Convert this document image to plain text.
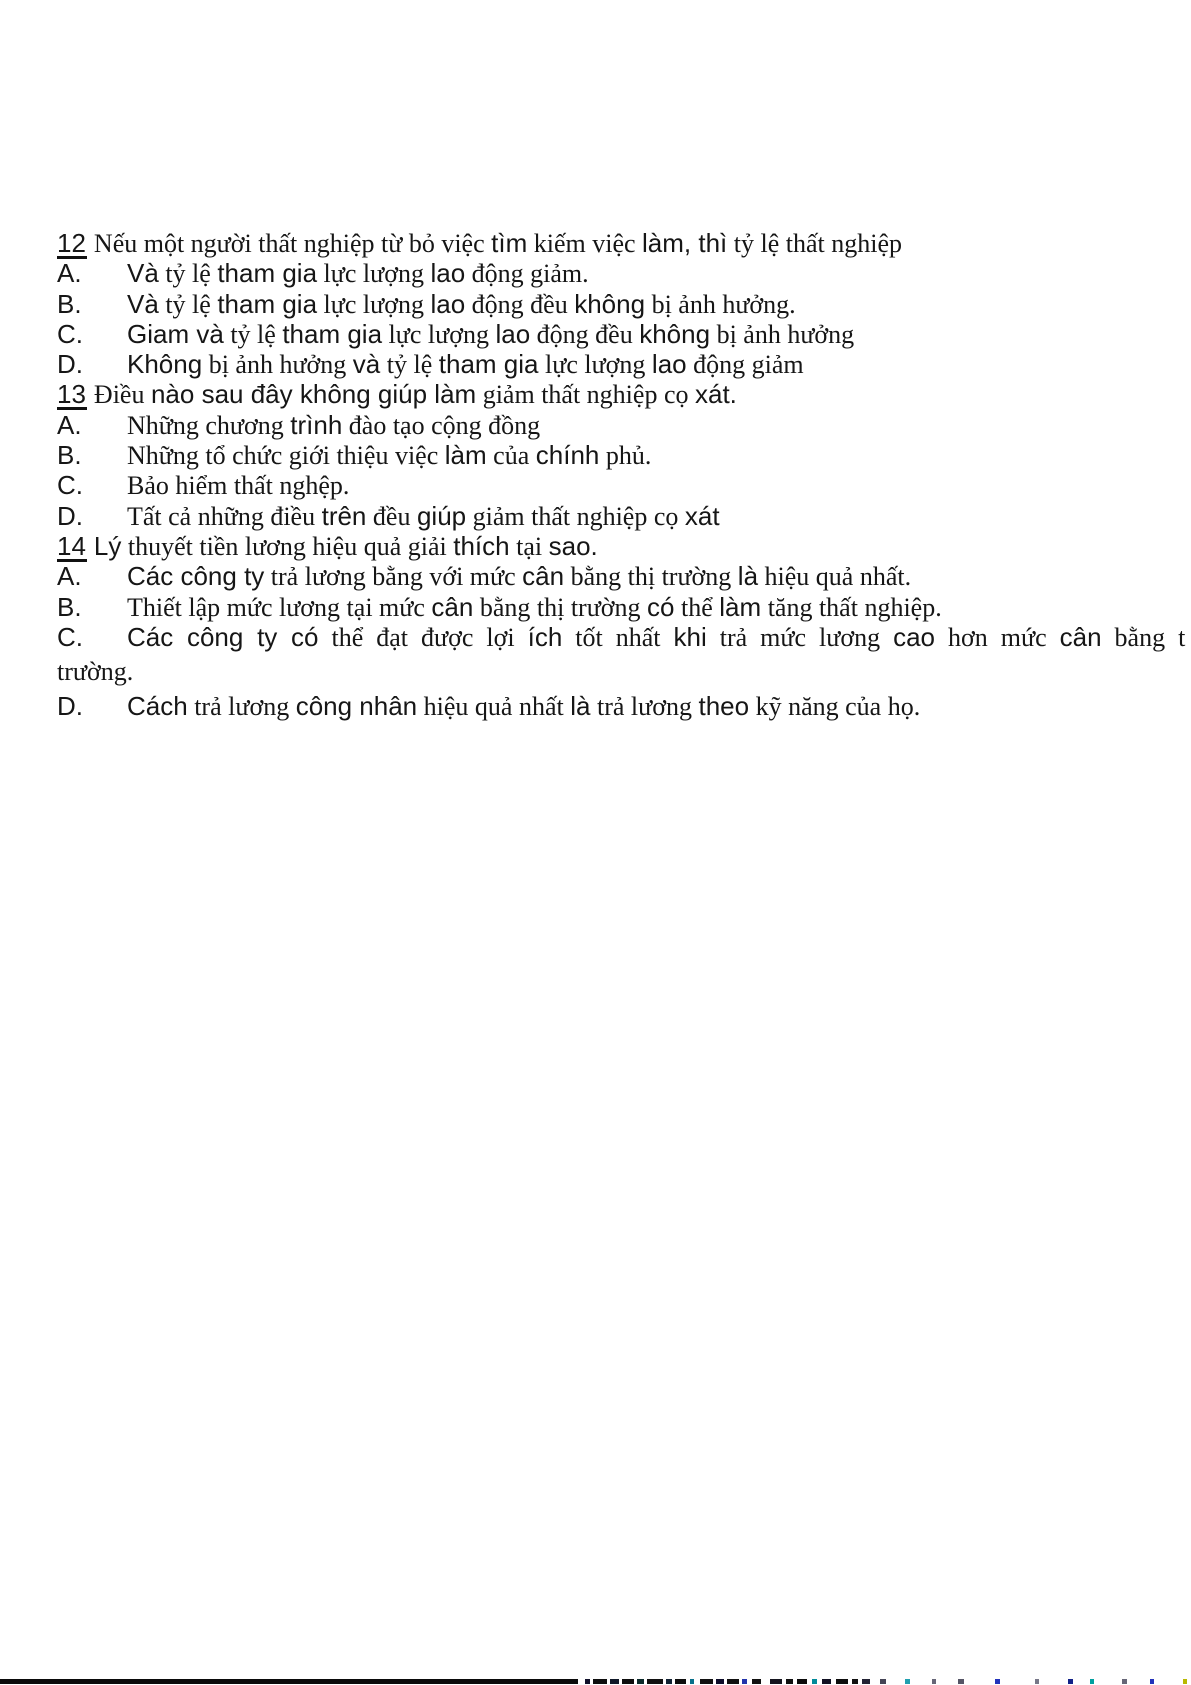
12 Nếu một người thất nghiệp từ bỏ việc tìm kiếm việc làm, thì tỷ lệ thất nghiệp
A. Và tỷ lệ tham gia lực lượng lao động giảm.
B. Và tỷ lệ tham gia lực lượng lao động đều không bị ảnh hưởng.
C. Giam và tỷ lệ tham gia lực lượng lao động đều không bị ảnh hưởng
D. Không bị ảnh hưởng và tỷ lệ tham gia lực lượng lao động giảm
13 Điều nào sau đây không giúp làm giảm thất nghiệp cọ xát.
A. Những chương trình đào tạo cộng đồng
B. Những tổ chức giới thiệu việc làm của chính phủ.
C. Bảo hiểm thất nghệp.
D. Tất cả những điều trên đều giúp giảm thất nghiệp cọ xát
14 Lý thuyết tiền lương hiệu quả giải thích tại sao.
A. Các công ty trả lương bằng với mức cân bằng thị trường là hiệu quả nhất.
B. Thiết lập mức lương tại mức cân bằng thị trường có thể làm tăng thất nghiệp.
C. Các công ty có thể đạt được lợi ích tốt nhất khi trả mức lương cao hơn mức cân bằng t
trường.
D. Cách trả lương công nhân hiệu quả nhất là trả lương theo kỹ năng của họ.
